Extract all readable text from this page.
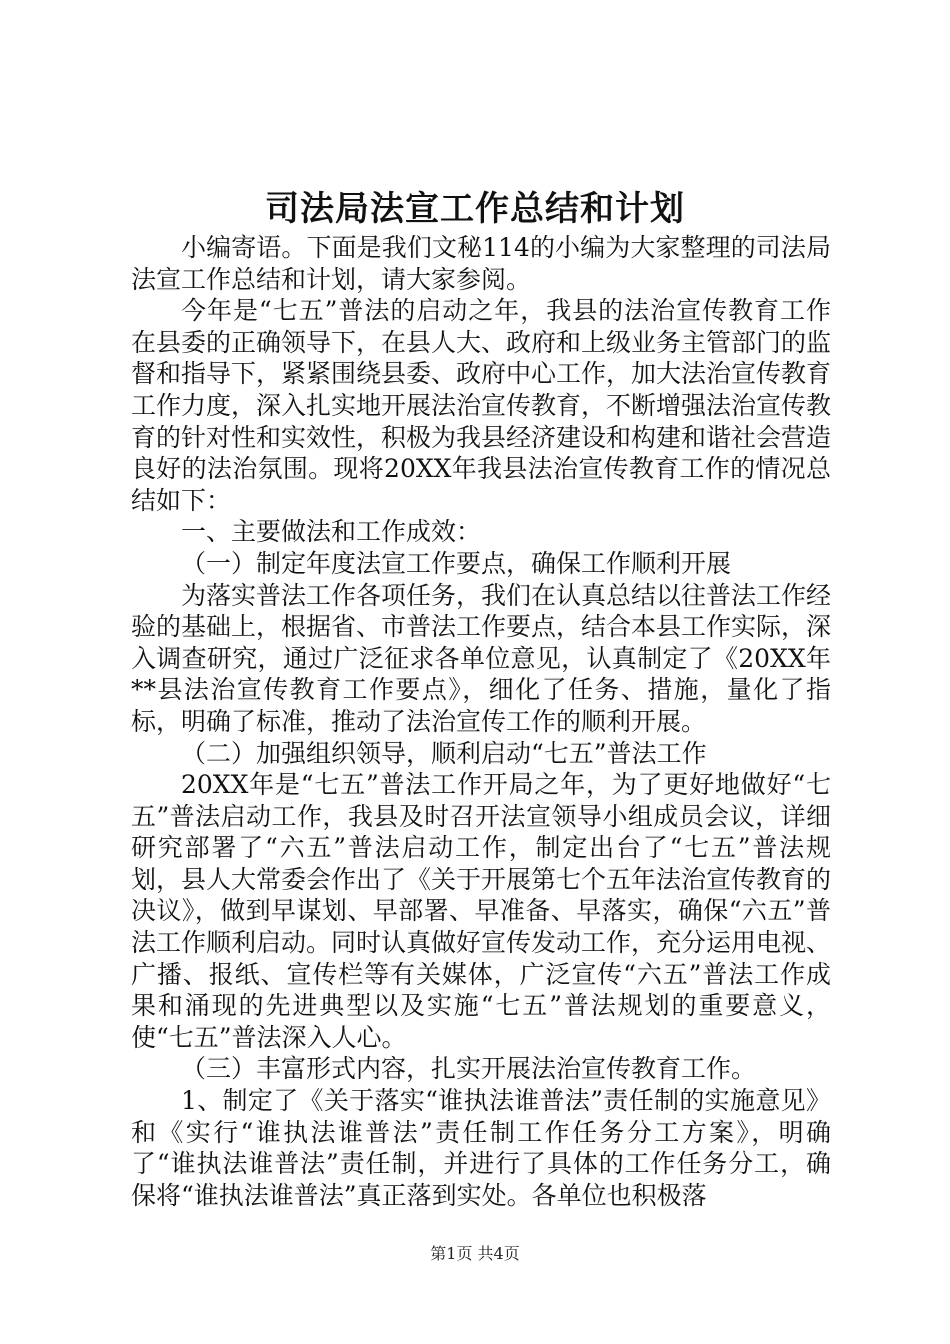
司法局法宣工作总结和计划

小编寄语。下面是我们文秘114的小编为大家整理的司法局法宣工作总结和计划，请大家参阅。

今年是“七五”普法的启动之年，我县的法治宣传教育工作在县委的正确领导下，在县人大、政府和上级业务主管部门的监督和指导下，紧紧围绕县委、政府中心工作，加大法治宣传教育工作力度，深入扎实地开展法治宣传教育，不断增强法治宣传教育的针对性和实效性，积极为我县经济建设和构建和谐社会营造良好的法治氛围。现将20XX年我县法治宣传教育工作的情况总结如下：

一、主要做法和工作成效：

（一）制定年度法宣工作要点，确保工作顺利开展

为落实普法工作各项任务，我们在认真总结以往普法工作经验的基础上，根据省、市普法工作要点，结合本县工作实际，深入调查研究，通过广泛征求各单位意见，认真制定了《20XX年**县法治宣传教育工作要点》，细化了任务、措施，量化了指标，明确了标准，推动了法治宣传工作的顺利开展。

（二）加强组织领导，顺利启动“七五”普法工作

20XX年是“七五”普法工作开局之年，为了更好地做好“七五”普法启动工作，我县及时召开法宣领导小组成员会议，详细研究部署了“六五”普法启动工作，制定出台了“七五”普法规划，县人大常委会作出了《关于开展第七个五年法治宣传教育的决议》，做到早谋划、早部署、早准备、早落实，确保“六五”普法工作顺利启动。同时认真做好宣传发动工作，充分运用电视、广播、报纸、宣传栏等有关媒体，广泛宣传“六五”普法工作成果和涌现的先进典型以及实施“七五”普法规划的重要意义，使“七五”普法深入人心。

（三）丰富形式内容，扎实开展法治宣传教育工作。

1、制定了《关于落实“谁执法谁普法”责任制的实施意见》和《实行“谁执法谁普法”责任制工作任务分工方案》，明确了“谁执法谁普法”责任制，并进行了具体的工作任务分工，确保将“谁执法谁普法”真正落到实处。各单位也积极落

第1页 共4页
